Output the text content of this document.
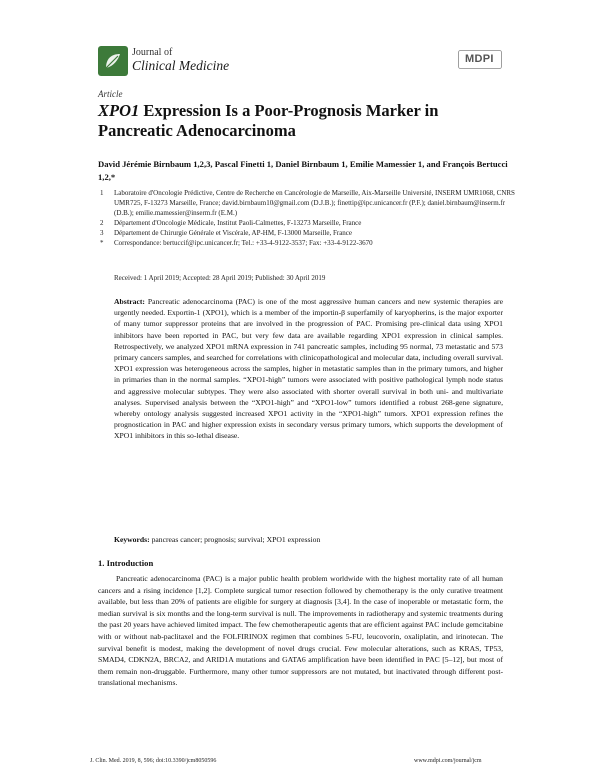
Journal of
Clinical Medicine	MDPI
Article
XPO1 Expression Is a Poor-Prognosis Marker in Pancreatic Adenocarcinoma
David Jérémie Birnbaum 1,2,3, Pascal Finetti 1, Daniel Birnbaum 1, Emilie Mamessier 1, and François Bertucci 1,2,*
1 Laboratoire d'Oncologie Prédictive, Centre de Recherche en Cancérologie de Marseille, Aix-Marseille Université, INSERM UMR1068, CNRS UMR725, F-13273 Marseille, France; david.birnbaum10@gmail.com (D.J.B.); finettip@ipc.unicancer.fr (P.F.); daniel.birnbaum@inserm.fr (D.B.); emilie.mamessier@inserm.fr (E.M.)
2 Département d'Oncologie Médicale, Institut Paoli-Calmettes, F-13273 Marseille, France
3 Département de Chirurgie Générale et Viscérale, AP-HM, F-13000 Marseille, France
* Correspondance: bertuccif@ipc.unicancer.fr; Tel.: +33-4-9122-3537; Fax: +33-4-9122-3670
Received: 1 April 2019; Accepted: 28 April 2019; Published: 30 April 2019
Abstract: Pancreatic adenocarcinoma (PAC) is one of the most aggressive human cancers and new systemic therapies are urgently needed. Exportin-1 (XPO1), which is a member of the importin-β superfamily of karyopherins, is the major exporter of many tumor suppressor proteins that are involved in the progression of PAC. Promising pre-clinical data using XPO1 inhibitors have been reported in PAC, but very few data are available regarding XPO1 expression in clinical samples. Retrospectively, we analyzed XPO1 mRNA expression in 741 pancreatic samples, including 95 normal, 73 metastatic and 573 primary cancers samples, and searched for correlations with clinicopathological and molecular data, including overall survival. XPO1 expression was heterogeneous across the samples, higher in metastatic samples than in the primary tumors, and higher in primaries than in the normal samples. “XPO1-high” tumors were associated with positive pathological lymph node status and aggressive molecular subtypes. They were also associated with shorter overall survival in both uni- and multivariate analyses. Supervised analysis between the “XPO1-high” and “XPO1-low” tumors identified a robust 268-gene signature, whereby ontology analysis suggested increased XPO1 activity in the “XPO1-high” tumors. XPO1 expression refines the prognostication in PAC and higher expression exists in secondary versus primary tumors, which supports the development of XPO1 inhibitors in this so-lethal disease.
Keywords: pancreas cancer; prognosis; survival; XPO1 expression
1. Introduction

Pancreatic adenocarcinoma (PAC) is a major public health problem worldwide with the highest mortality rate of all human cancers and a rising incidence [1,2]. Complete surgical tumor resection followed by chemotherapy is the only curative treatment available, but less than 20% of patients are eligible for surgery at diagnosis [3,4]. In the case of inoperable or metastatic form, the median survival is six months and the long-term survival is null. The improvements in radiotherapy and systemic treatments during the past 20 years have achieved limited impact. The few chemotherapeutic agents that are efficient against PAC include gemcitabine with or without nab-paclitaxel and the FOLFIRINOX regimen that combines 5-FU, leucovorin, oxaliplatin, and irinotecan. The survival benefit is modest, making the development of novel drugs crucial. Few molecular alterations, such as KRAS, TP53, SMAD4, CDKN2A, BRCA2, and ARID1A mutations and GATA6 amplification have been identified in PAC [5–12], but most of them remain non-druggable. Furthermore, many other tumor suppressors are not mutated, but inactivated through different post-translational mechanisms.

J. Clin. Med. 2019, 8, 596; doi:10.3390/jcm8050596	www.mdpi.com/journal/jcm
